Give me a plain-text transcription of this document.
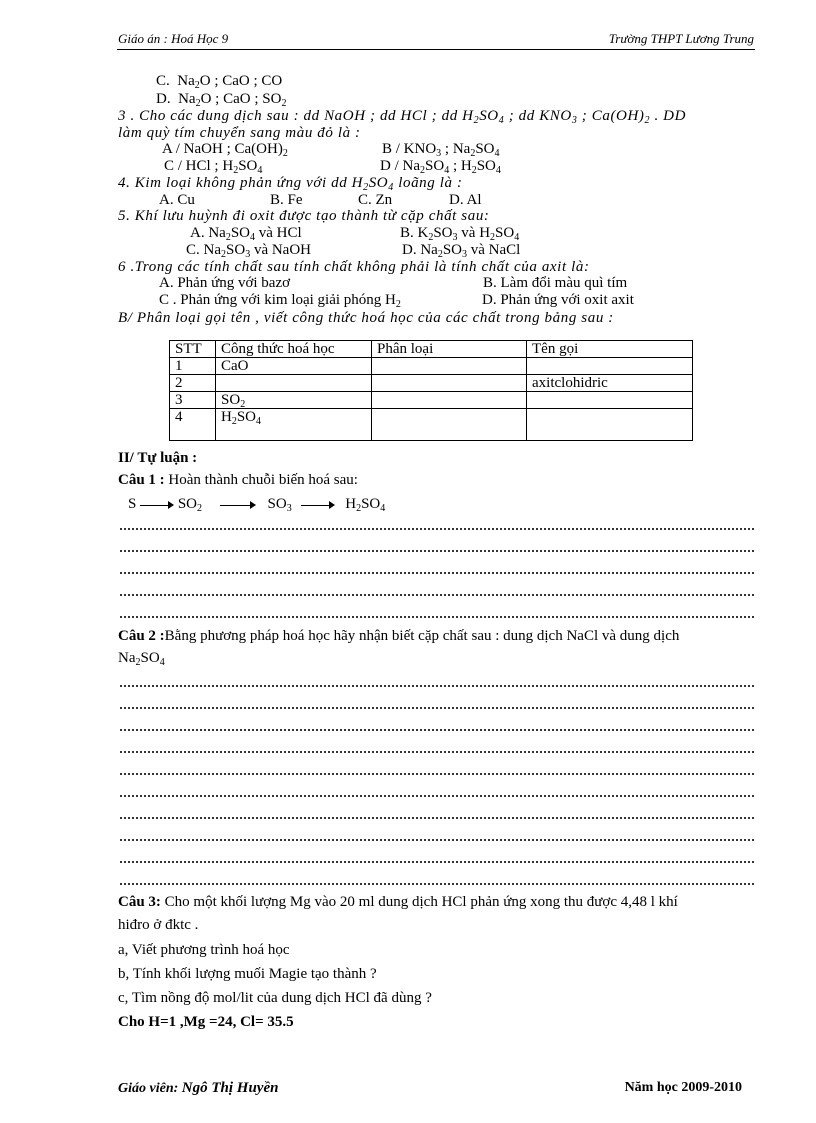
Giáo án : Hoá Học 9	Trường THPT Lương Trung
C. $Na_2O$ ; CaO ; CO
D. $Na_2O$ ; CaO ; $SO_2$
3 . Cho các dung dịch sau : dd NaOH ; dd HCl ; dd $H_2SO_4$ ; dd $KNO_3$ ; $Ca(OH)_2$ . DD
làm quỳ tím chuyển sang màu đỏ là :
A / NaOH ; $Ca(OH)_2$	B / $KNO_3$ ; $Na_2SO_4$
C / HCl ; $H_2SO_4$	D / $Na_2SO_4$ ; $H_2SO_4$
4. Kim loại không phản ứng với dd $H_2SO_4$ loãng là :
A. Cu	B. Fe	C. Zn	D. Al
5. Khí lưu huỳnh đi oxit được tạo thành từ cặp chất sau:
A. $Na_2SO_4$ và HCl	B. $K_2SO_3$ và $H_2SO_4$
C. $Na_2SO_3$ và NaOH	D. $Na_2SO_3$ và NaCl
6 .Trong các tính chất sau tính chất không phải là tính chất của axit là:
A. Phản ứng với bazơ	B. Làm đổi màu quì tím
C . Phản ứng với kim loại giải phóng $H_2$	D. Phản ứng với oxit axit
B/ Phân loại gọi tên , viết công thức hoá học của các chất trong bảng sau :
STT	Công thức hoá học	Phân loại	Tên gọi
1	CaO		
2			axitclohidric
3	$SO_2$		
4	$H_2SO_4$		
II/ Tự luận :
Câu 1 : Hoàn thành chuỗi biến hoá sau:
S	$SO_2$	$SO_3$	$H_2SO_4$
Câu 2 :Bằng phương pháp hoá học hãy nhận biết cặp chất sau : dung dịch NaCl và dung dịch
$Na_2SO_4$
Câu 3: Cho một khối lượng Mg vào 20 ml dung dịch HCl phản ứng xong thu được 4,48 l khí
hiđro ở đktc .
a, Viết phương trình hoá học
b, Tính khối lượng muối Magie tạo thành ?
c, Tìm nồng độ mol/lit của dung dịch HCl đã dùng ?
Cho H=1 ,Mg =24, Cl= 35.5
Giáo viên: Ngô Thị Huyền	Năm học 2009-2010
